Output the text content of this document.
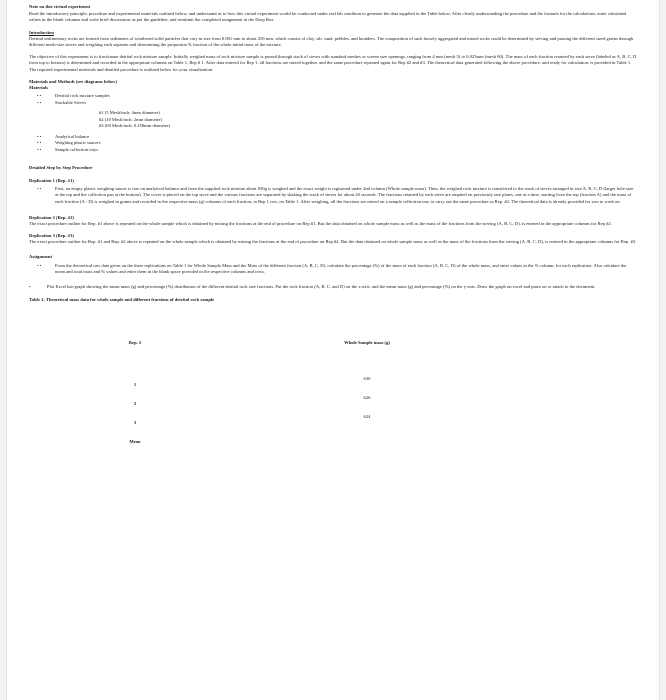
Note on this virtual experiment

Read the introductory principle, procedure and experimental materials outlined below, and understand as to how this virtual experiment would be conducted under real lab condition to generate the data supplied in the Table below. After clearly understanding the procedure and the formula for the calculations, enter calculated values in the blank columns and write brief discussions as per the guideline, and resubmit the completed assignment in the Drop Box.

Introduction

Detrital sedimentary rocks are formed from sediments of weathered solid particles that vary in size from 0.001 mm to about 256 mm, which consist of clay, silt, sand, pebbles, and boulders. The composition of such loosely aggregated and mixed rocks could be determined by sieving and passing the different sized grains through different mesh-size sieves and weighing each separate and determining the proportion % fraction of the whole initial mass of the mixture.

The objective of this experiment is to fractionate detrital rock mixture sample. Initially weighed mass of rock mixture sample is passed through stack of sieves with standard meshes or screen size openings, ranging from 4 mm (mesh 5) to 0.025mm (mesh 60). The mass of each fraction retained by each sieve (labeled as A, B, C, D from top to bottom) is determined and recorded in the appropriate columns on Table 1, Rep # 1. After data entered for Rep 1, all fractions are mixed together, and the same procedure repeated again for Rep #2 and #3. The theoretical data generated following the above procedure, and ready for calculation, is provided in Table 1. The required experimental materials and detailed procedure is outlined below for your visualization.

Materials and Methods (see diagrams below)

Materials

•• Detrital rock mixture samples
•• Stackable Sieves

#1 (5 Mesh/inch; 4mm diameter)

#2 (10 Mesh/inch; 2mm diameter)

#3 (60 Mesh/inch; 0.250mm diameter)

•• Analytical balance
•• Weighing plastic saucers
•• Sample collection trays

Detailed Step by Step Procedure

Replication 1 (Rep. #1)

•• First, an empty plastic weighing saucer is tare on analytical balance and from the supplied rock mixture about 650g is weighed and the exact weight is registered under 2nd column (Whole sample mass). Then, the weighed rock mixture is transferred to the stack of sieves arranged in size A, B, C, D (larger hole-size at the top and the collection pan at the bottom). The cover is placed on the top sieve and the various fractions are separated by shaking the stack of sieves for about 20 seconds. The fractions retained by each sieve are emptied on previously tare plates, one at a time, starting from the top (fraction A) and the mass of each fraction (A - D) is weighed in grams and recorded in the respective mass (g) columns of each fraction, in Rep 1 row, on Table 1. After weighing, all the fractions are mixed on a sample collection tray to carry out the same procedure as Rep. #2. The theoretical data is already provided for you to work on.

Replication 2 (Rep. #2)

The exact procedure outline for Rep. #1 above is repeated on the whole sample which is obtained by mixing the fractions at the end of procedure on Rep #1. But the data obtained on whole sample mass as well as the mass of the fractions from the sieving (A, B, C, D), is entered in the appropriate columns for Rep #2.

Replication 3 (Rep. #3)

The exact procedure outline for Rep. #1 and Rep. #2 above is repeated on the whole sample which is obtained by mixing the fractions at the end of procedure on Rep #2. But the data obtained on whole sample mass as well as the mass of the fractions from the sieving (A, B, C, D), is entered in the appropriate columns for Rep. #3.

Assignment

•• From the theoretical raw data given on the three replications on Table 1 for Whole Sample Mass and the Mass of the different fraction (A, B, C, D), calculate the percentage (%) of the mass of each fraction (A, B, C, D) of the whole mass, and enter values in the % column, for each replication. Also calculate the mean and total mass and % values and enter them in the blank space provided in the respective columns and rows.
• Plot Excel bar-graph showing the mean mass (g) and percentage (%) distribution of the different detrital rock size fractions. Put the rock fraction (A, B, C, and D) on the x-axis, and the mean mass (g) and percentage (%) on the y-axis. Draw the graph on excel and paste on or attach to the document.

Table 1: Theoretical mass data for whole sample and different fractions of detrital rock sample

Rep. #	Whole Sample mass (g)
1	630
2	626
3	624
Mean	
